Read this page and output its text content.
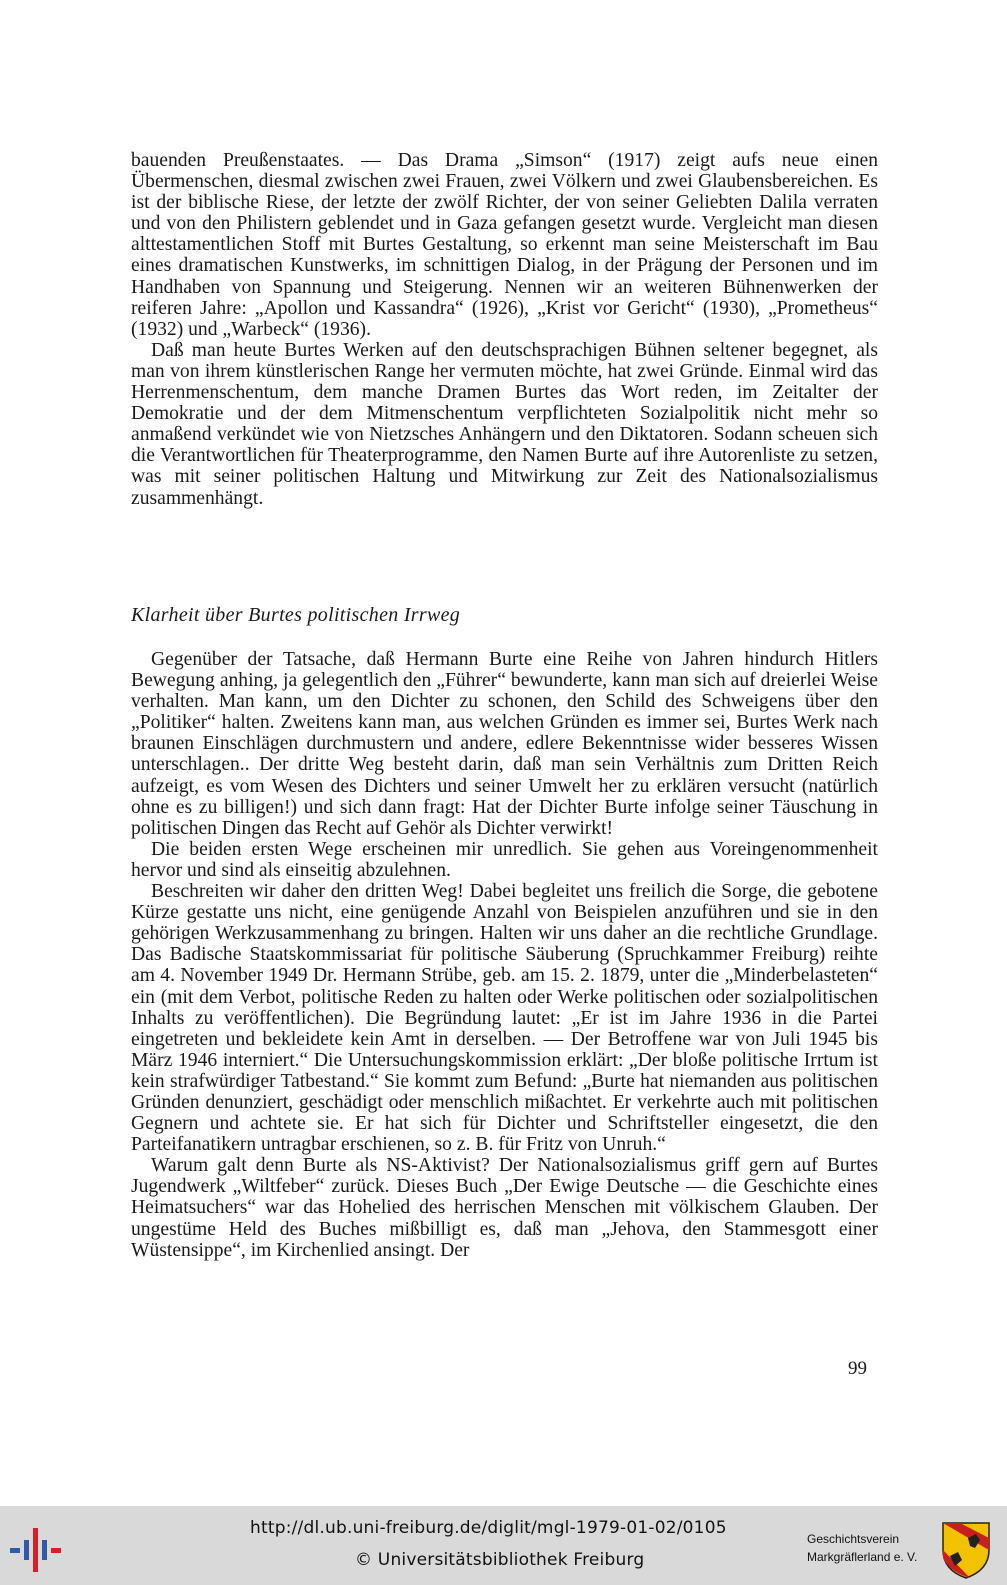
bauenden Preußenstaates. — Das Drama „Simson“ (1917) zeigt aufs neue einen Übermenschen, diesmal zwischen zwei Frauen, zwei Völkern und zwei Glaubensbereichen. Es ist der biblische Riese, der letzte der zwölf Richter, der von seiner Geliebten Dalila verraten und von den Philistern geblendet und in Gaza gefangen gesetzt wurde. Vergleicht man diesen alttestamentlichen Stoff mit Burtes Gestaltung, so erkennt man seine Meisterschaft im Bau eines dramatischen Kunstwerks, im schnittigen Dialog, in der Prägung der Personen und im Handhaben von Spannung und Steigerung. Nennen wir an weiteren Bühnenwerken der reiferen Jahre: „Apollon und Kassandra“ (1926), „Krist vor Gericht“ (1930), „Prometheus“ (1932) und „Warbeck“ (1936).

Daß man heute Burtes Werken auf den deutschsprachigen Bühnen seltener begegnet, als man von ihrem künstlerischen Range her vermuten möchte, hat zwei Gründe. Einmal wird das Herrenmenschentum, dem manche Dramen Burtes das Wort reden, im Zeitalter der Demokratie und der dem Mitmenschentum verpflichteten Sozialpolitik nicht mehr so anmaßend verkündet wie von Nietzsches Anhängern und den Diktatoren. Sodann scheuen sich die Verantwortlichen für Theaterprogramme, den Namen Burte auf ihre Autorenliste zu setzen, was mit seiner politischen Haltung und Mitwirkung zur Zeit des Nationalsozialismus zusammenhängt.

Klarheit über Burtes politischen Irrweg

Gegenüber der Tatsache, daß Hermann Burte eine Reihe von Jahren hindurch Hitlers Bewegung anhing, ja gelegentlich den „Führer“ bewunderte, kann man sich auf dreierlei Weise verhalten. Man kann, um den Dichter zu schonen, den Schild des Schweigens über den „Politiker“ halten. Zweitens kann man, aus welchen Gründen es immer sei, Burtes Werk nach braunen Einschlägen durchmustern und andere, edlere Bekenntnisse wider besseres Wissen unterschlagen.. Der dritte Weg besteht darin, daß man sein Verhältnis zum Dritten Reich aufzeigt, es vom Wesen des Dichters und seiner Umwelt her zu erklären versucht (natürlich ohne es zu billigen!) und sich dann fragt: Hat der Dichter Burte infolge seiner Täuschung in politischen Dingen das Recht auf Gehör als Dichter verwirkt!

Die beiden ersten Wege erscheinen mir unredlich. Sie gehen aus Voreingenommenheit hervor und sind als einseitig abzulehnen.

Beschreiten wir daher den dritten Weg! Dabei begleitet uns freilich die Sorge, die gebotene Kürze gestatte uns nicht, eine genügende Anzahl von Beispielen anzuführen und sie in den gehörigen Werkzusammenhang zu bringen. Halten wir uns daher an die rechtliche Grundlage. Das Badische Staatskommissariat für politische Säuberung (Spruchkammer Freiburg) reihte am 4. November 1949 Dr. Hermann Strübe, geb. am 15. 2. 1879, unter die „Minderbelasteten“ ein (mit dem Verbot, politische Reden zu halten oder Werke politischen oder sozialpolitischen Inhalts zu veröffentlichen). Die Begründung lautet: „Er ist im Jahre 1936 in die Partei eingetreten und bekleidete kein Amt in derselben. — Der Betroffene war von Juli 1945 bis März 1946 interniert.“ Die Untersuchungskommission erklärt: „Der bloße politische Irrtum ist kein strafwürdiger Tatbestand.“ Sie kommt zum Befund: „Burte hat niemanden aus politischen Gründen denunziert, geschädigt oder menschlich mißachtet. Er verkehrte auch mit politischen Gegnern und achtete sie. Er hat sich für Dichter und Schriftsteller eingesetzt, die den Parteifanatikern untragbar erschienen, so z. B. für Fritz von Unruh.“

Warum galt denn Burte als NS-Aktivist? Der Nationalsozialismus griff gern auf Burtes Jugendwerk „Wiltfeber“ zurück. Dieses Buch „Der Ewige Deutsche — die Geschichte eines Heimatsuchers“ war das Hohelied des herrischen Menschen mit völkischem Glauben. Der ungestüme Held des Buches mißbilligt es, daß man „Jehova, den Stammesgott einer Wüstensippe“, im Kirchenlied ansingt. Der

99
http://dl.ub.uni-freiburg.de/diglit/mgl-1979-01-02/0105
© Universitätsbibliothek Freiburg
Geschichtsverein
Markgräflerland e. V.
